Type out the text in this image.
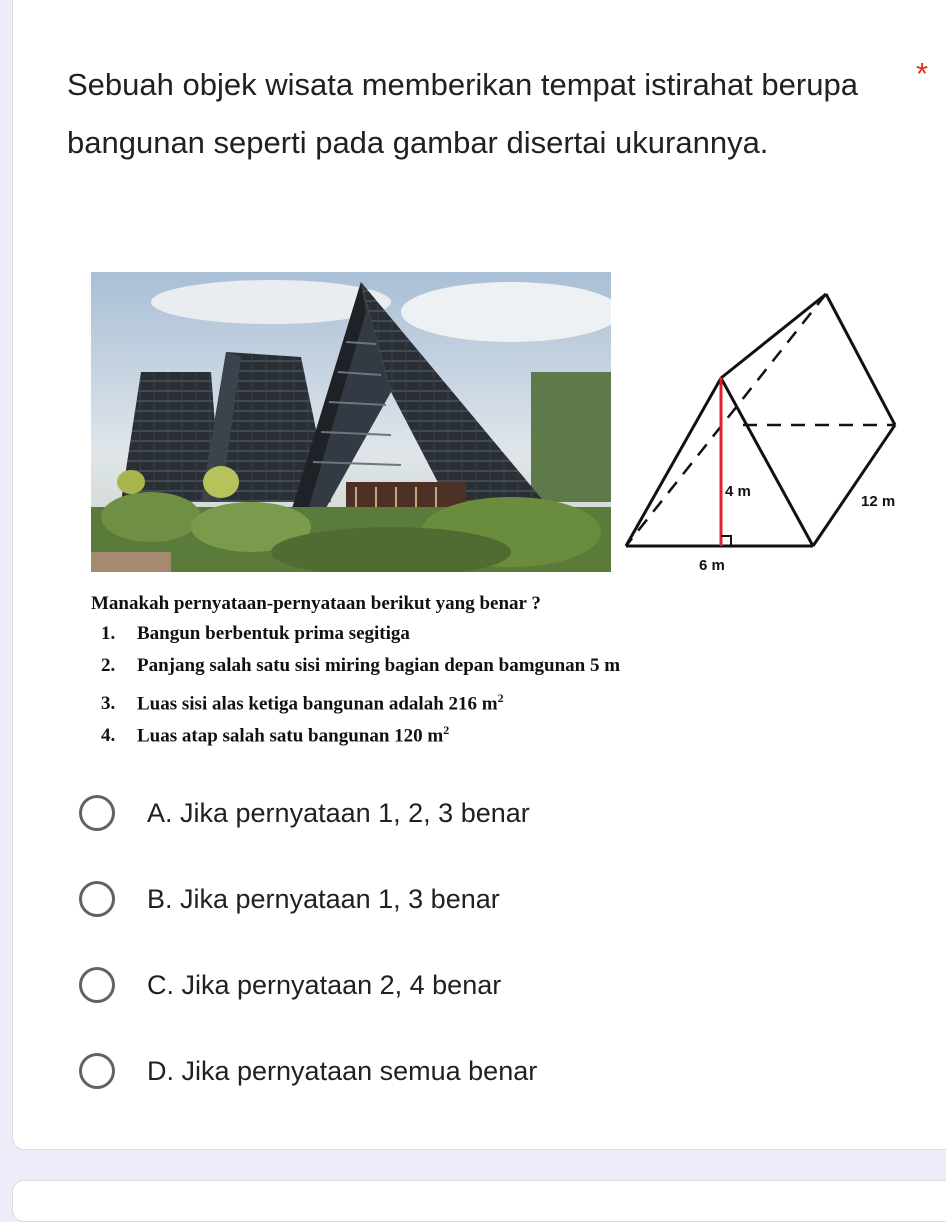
Sebuah objek wisata memberikan tempat istirahat berupa bangunan seperti pada gambar disertai ukurannya.

*
4 m
6 m
12 m

Manakah pernyataan-pernyataan berikut yang benar ?

1. Bangun berbentuk prima segitiga
2. Panjang salah satu sisi miring bagian depan bamgunan 5 m
3. Luas sisi alas ketiga bangunan adalah 216 $m^2$
4. Luas atap salah satu bangunan 120 $m^2$
A. Jika pernyataan 1, 2, 3 benar
B. Jika pernyataan 1, 3 benar
C. Jika pernyataan 2, 4 benar
D. Jika pernyataan semua benar
